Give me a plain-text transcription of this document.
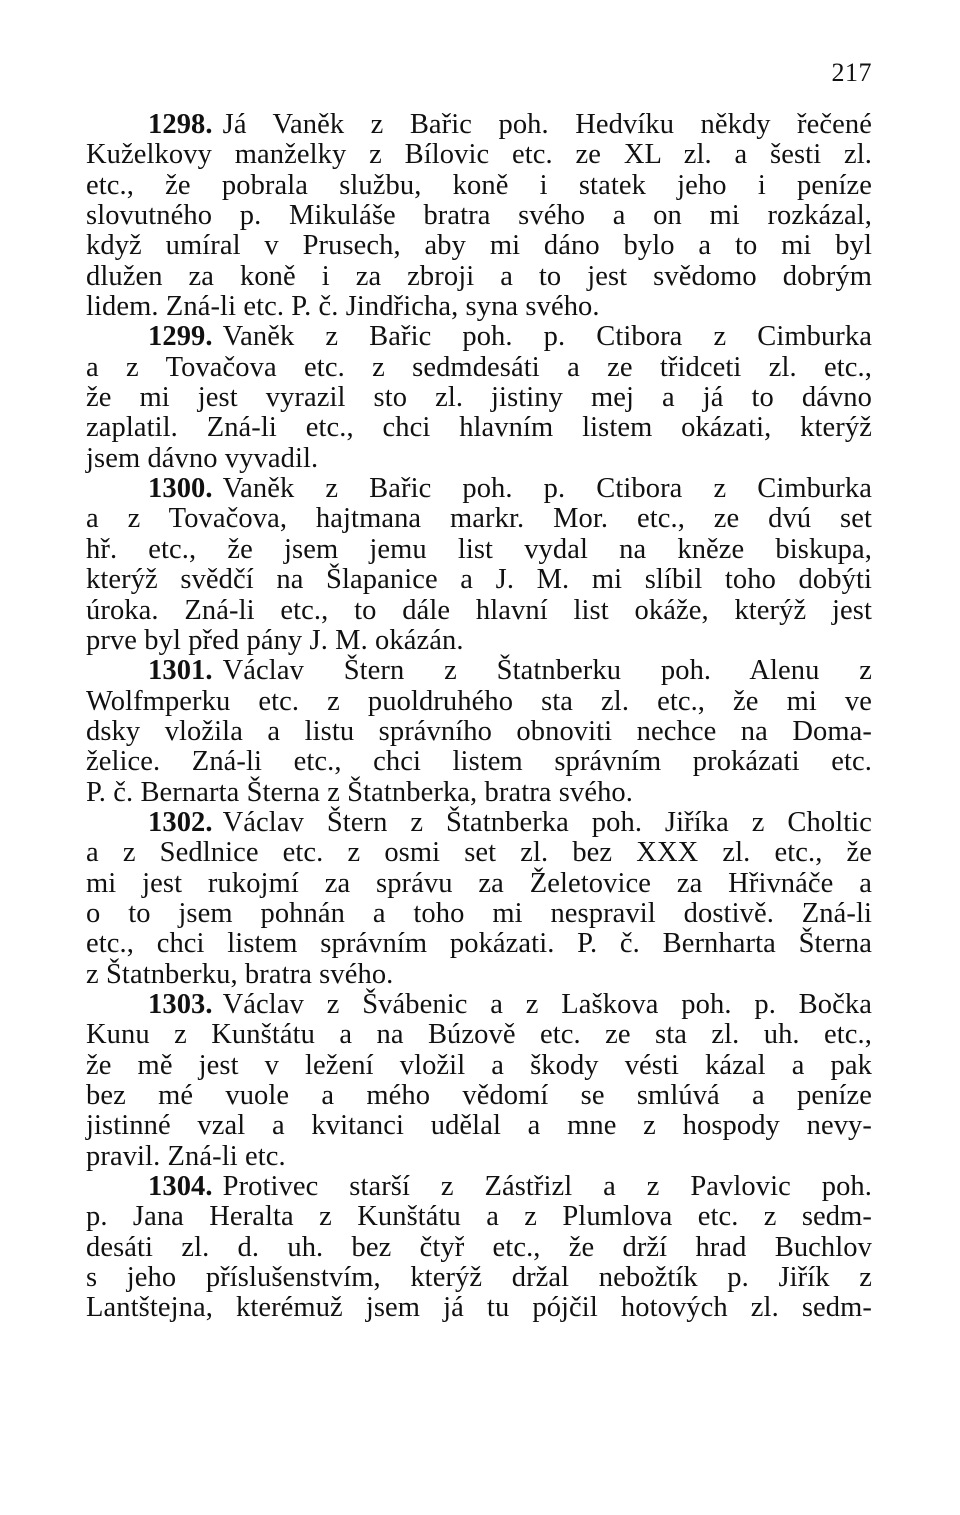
217
1298. Já Vaněk z Bařic poh. Hedvíku někdy řečené
Kuželkovy manželky z Bílovic etc. ze XL zl. a šesti zl.
etc., že pobrala službu, koně i statek jeho i peníze
slovutného p. Mikuláše bratra svého a on mi rozkázal,
když umíral v Prusech, aby mi dáno bylo a to mi byl
dlužen za koně i za zbroji a to jest svědomo dobrým
lidem. Zná-li etc. P. č. Jindřicha, syna svého.
1299. Vaněk z Bařic poh. p. Ctibora z Cimburka
a z Tovačova etc. z sedmdesáti a ze třidceti zl. etc.,
že mi jest vyrazil sto zl. jistiny mej a já to dávno
zaplatil. Zná-li etc., chci hlavním listem okázati, kterýž
jsem dávno vyvadil.
1300. Vaněk z Bařic poh. p. Ctibora z Cimburka
a z Tovačova, hajtmana markr. Mor. etc., ze dvú set
hř. etc., že jsem jemu list vydal na kněze biskupa,
kterýž svědčí na Šlapanice a J. M. mi slíbil toho dobýti
úroka. Zná-li etc., to dále hlavní list okáže, kterýž jest
prve byl před pány J. M. okázán.
1301. Václav Štern z Štatnberku poh. Alenu z
Wolfmperku etc. z puoldruhého sta zl. etc., že mi ve
dsky vložila a listu správního obnoviti nechce na Doma-
želice. Zná-li etc., chci listem správním prokázati etc.
P. č. Bernarta Šterna z Štatnberka, bratra svého.
1302. Václav Štern z Štatnberka poh. Jiříka z Choltic
a z Sedlnice etc. z osmi set zl. bez XXX zl. etc., že
mi jest rukojmí za správu za Želetovice za Hřivnáče a
o to jsem pohnán a toho mi nespravil dostivě. Zná-li
etc., chci listem správním pokázati. P. č. Bernharta Šterna
z Štatnberku, bratra svého.
1303. Václav z Švábenic a z Laškova poh. p. Bočka
Kunu z Kunštátu a na Búzově etc. ze sta zl. uh. etc.,
že mě jest v ležení vložil a škody vésti kázal a pak
bez mé vuole a mého vědomí se smlúvá a peníze
jistinné vzal a kvitanci udělal a mne z hospody nevy-
pravil. Zná-li etc.
1304. Protivec starší z Zástřizl a z Pavlovic poh.
p. Jana Heralta z Kunštátu a z Plumlova etc. z sedm-
desáti zl. d. uh. bez čtyř etc., že drží hrad Buchlov
s jeho příslušenstvím, kterýž držal nebožtík p. Jiřík z
Lantštejna, kterémuž jsem já tu pójčil hotových zl. sedm-
